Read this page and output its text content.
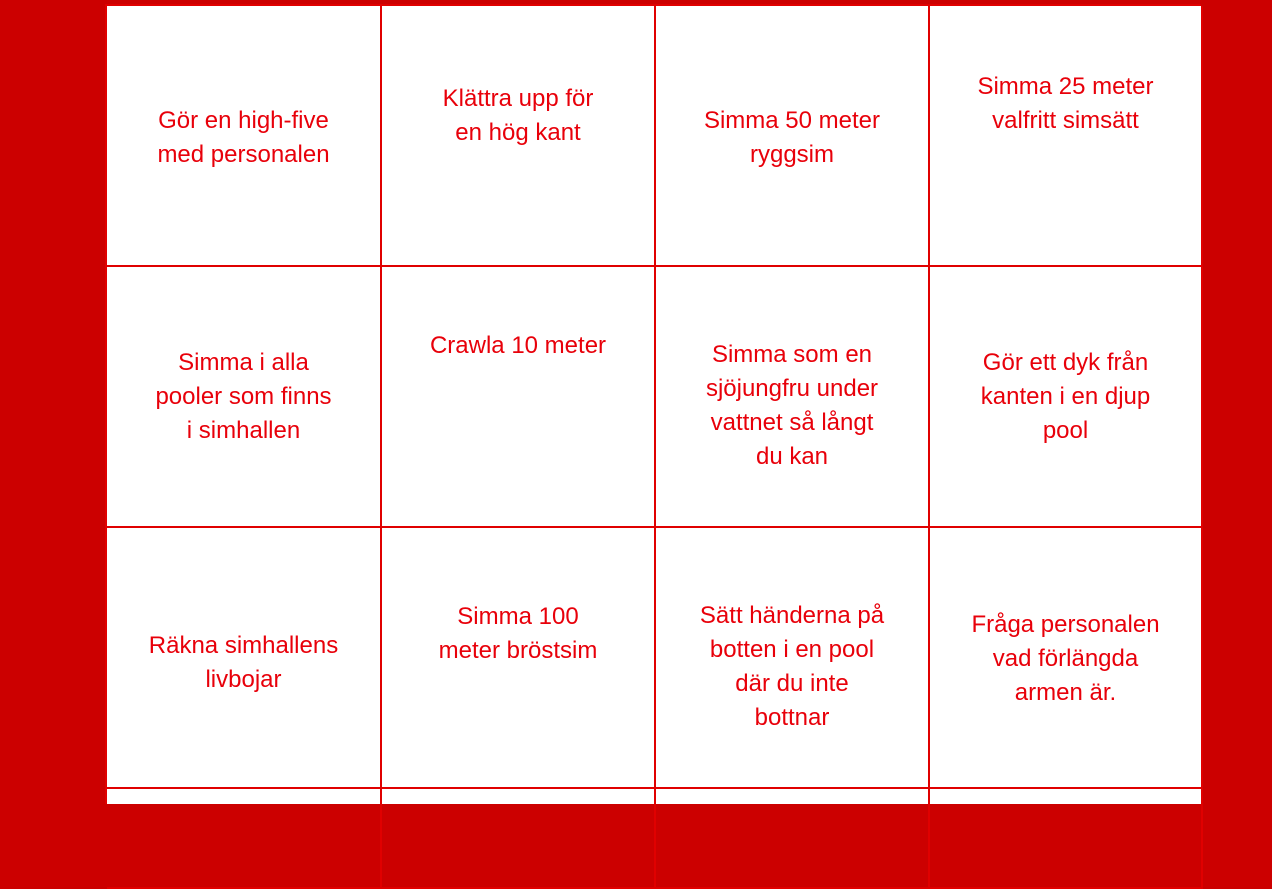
Gör en high-five
med personalen
Klättra upp för
en hög kant	Simma 50 meter
ryggsim
Simma 25 meter
valfritt simsätt
Simma i alla
pooler som finns
i simhallen
Crawla 10 meter	Simma som en
sjöjungfru under
vattnet så långt
du kan
Gör ett dyk från
kanten i en djup
pool
Räkna simhallens
livbojar
Simma 100
meter bröstsim
Sätt händerna på
botten i en pool
där du inte
bottnar
Fråga personalen
vad förlängda
armen är.
